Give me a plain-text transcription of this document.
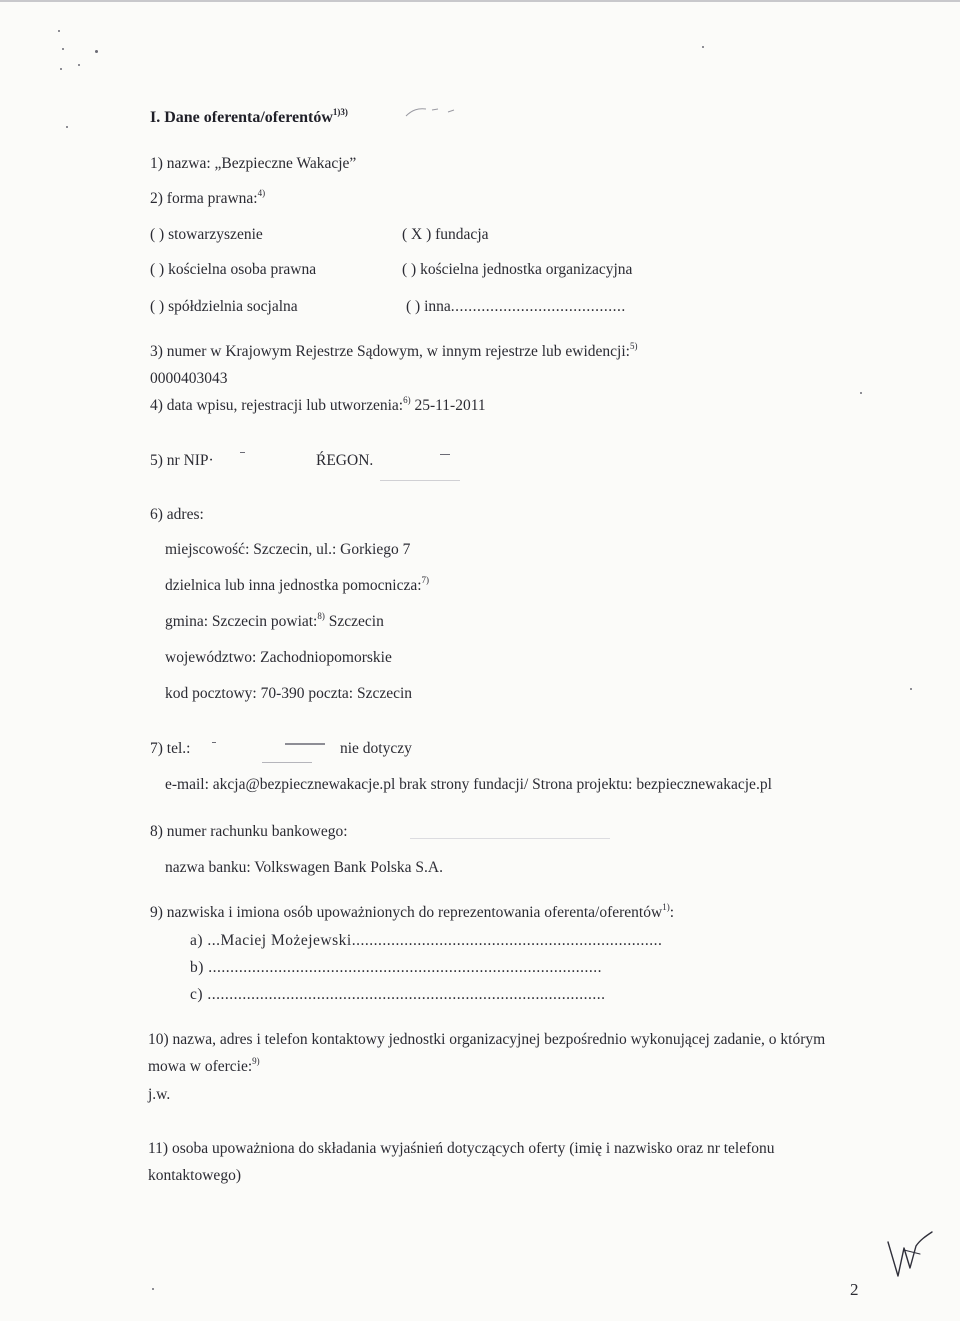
I. Dane oferenta/oferentów$^{1)3)}$
1) nazwa: „Bezpieczne Wakacje”
2) forma prawna:$^{4)}$
( ) stowarzyszenie	( X ) fundacja
( ) kościelna osoba prawna	( ) kościelna jednostka organizacyjna
( ) spółdzielnia socjalna	( ) inna........................................
3) numer w Krajowym Rejestrze Sądowym, w innym rejestrze lub ewidencji:$^{5)}$
0000403043
4) data wpisu, rejestracji lub utworzenia:$^{6)}$ 25-11-2011
5) nr NIP·	ŔEGON.
6) adres:
miejscowość: Szczecin, ul.: Gorkiego 7
dzielnica lub inna jednostka pomocnicza:$^{7)}$
gmina: Szczecin powiat:$^{8)}$ Szczecin
województwo: Zachodniopomorskie
kod pocztowy: 70-390 poczta: Szczecin
7) tel.:	nie dotyczy
e-mail: akcja@bezpiecznewakacje.pl brak strony fundacji/ Strona projektu: bezpiecznewakacje.pl
8) numer rachunku bankowego:
nazwa banku: Volkswagen Bank Polska S.A.
9) nazwiska i imiona osób upoważnionych do reprezentowania oferenta/oferentów$^{1)}$:
a) ...Maciej Możejewski.......................................................................
b) ..........................................................................................
c) ...........................................................................................
10) nazwa, adres i telefon kontaktowy jednostki organizacyjnej bezpośrednio wykonującej zadanie, o którym
mowa w ofercie:$^{9)}$
j.w.
11) osoba upoważniona do składania wyjaśnień dotyczących oferty (imię i nazwisko oraz nr telefonu
kontaktowego)
2
